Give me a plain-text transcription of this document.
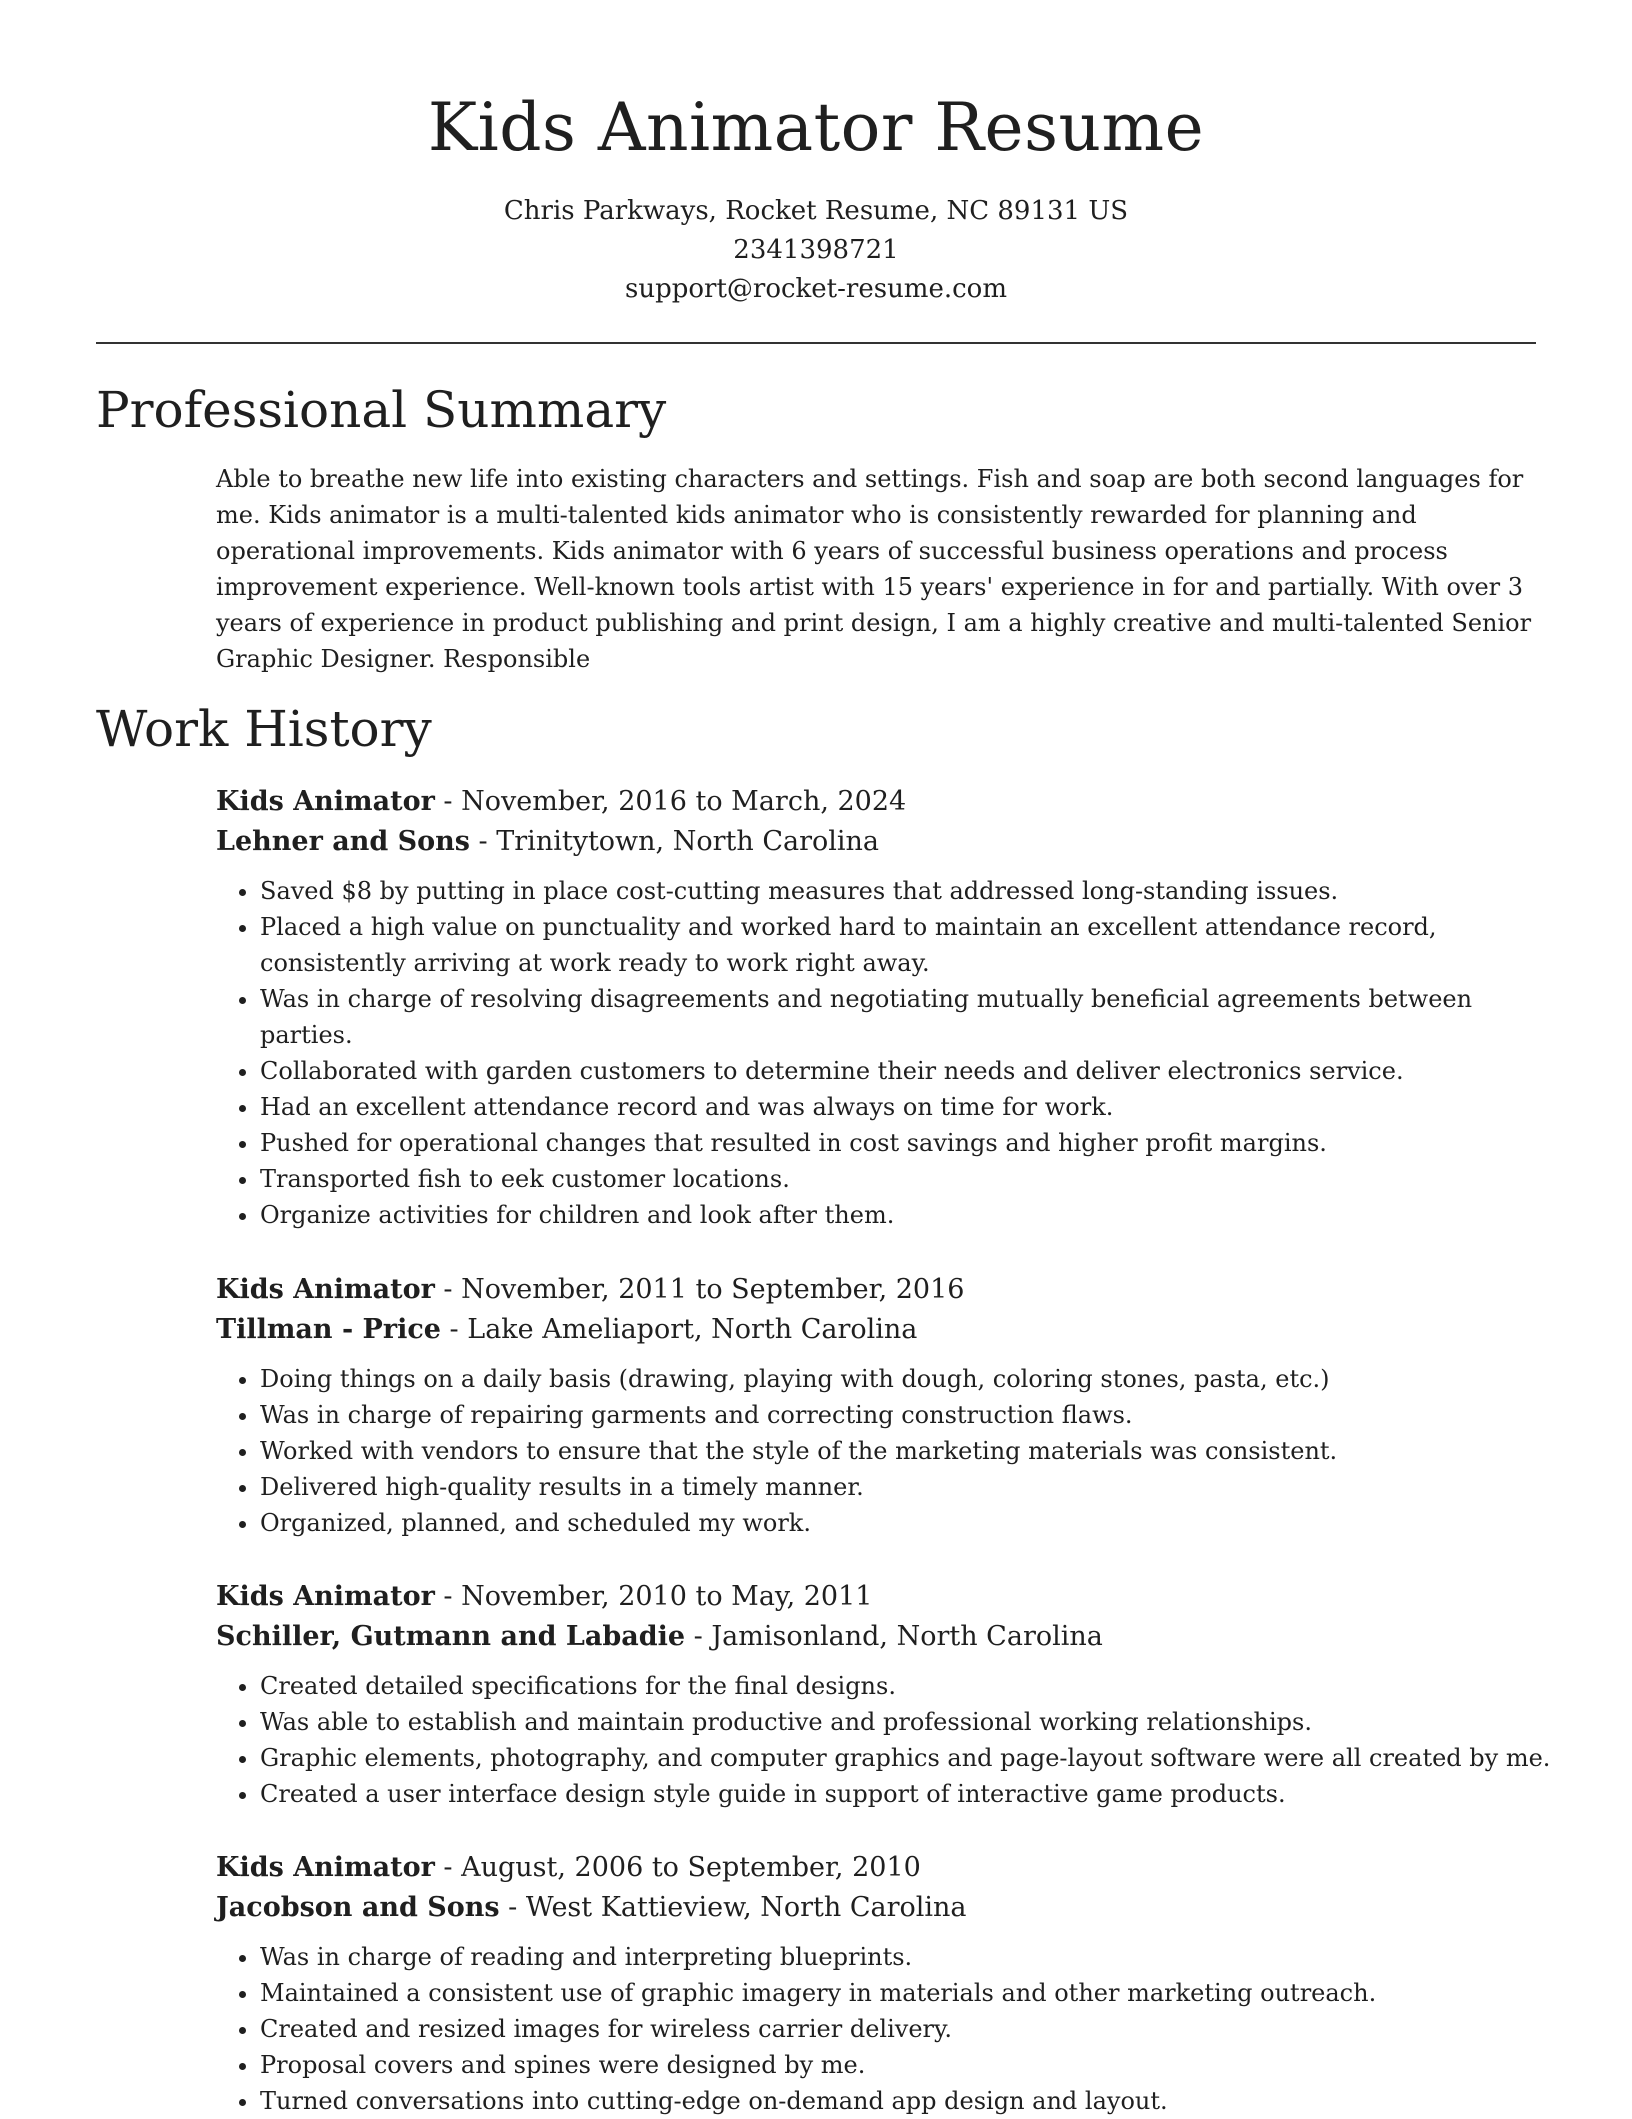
Kids Animator Resume
Chris Parkways, Rocket Resume, NC 89131 US
2341398721
support@rocket-resume.com
Professional Summary

Able to breathe new life into existing characters and settings. Fish and soap are both second languages for me. Kids animator is a multi-talented kids animator who is consistently rewarded for planning and operational improvements. Kids animator with 6 years of successful business operations and process improvement experience. Well-known tools artist with 15 years' experience in for and partially. With over 3 years of experience in product publishing and print design, I am a highly creative and multi-talented Senior Graphic Designer. Responsible

Work History
Kids Animator - November, 2016 to March, 2024
Lehner and Sons - Trinitytown, North Carolina
• Saved $8 by putting in place cost-cutting measures that addressed long-standing issues.
• Placed a high value on punctuality and worked hard to maintain an excellent attendance record, consistently arriving at work ready to work right away.
• Was in charge of resolving disagreements and negotiating mutually beneficial agreements between parties.
• Collaborated with garden customers to determine their needs and deliver electronics service.
• Had an excellent attendance record and was always on time for work.
• Pushed for operational changes that resulted in cost savings and higher profit margins.
• Transported fish to eek customer locations.
• Organize activities for children and look after them.
Kids Animator - November, 2011 to September, 2016
Tillman - Price - Lake Ameliaport, North Carolina
• Doing things on a daily basis (drawing, playing with dough, coloring stones, pasta, etc.)
• Was in charge of repairing garments and correcting construction flaws.
• Worked with vendors to ensure that the style of the marketing materials was consistent.
• Delivered high-quality results in a timely manner.
• Organized, planned, and scheduled my work.
Kids Animator - November, 2010 to May, 2011
Schiller, Gutmann and Labadie - Jamisonland, North Carolina
• Created detailed specifications for the final designs.
• Was able to establish and maintain productive and professional working relationships.
• Graphic elements, photography, and computer graphics and page-layout software were all created by me.
• Created a user interface design style guide in support of interactive game products.
Kids Animator - August, 2006 to September, 2010
Jacobson and Sons - West Kattieview, North Carolina
• Was in charge of reading and interpreting blueprints.
• Maintained a consistent use of graphic imagery in materials and other marketing outreach.
• Created and resized images for wireless carrier delivery.
• Proposal covers and spines were designed by me.
• Turned conversations into cutting-edge on-demand app design and layout.
